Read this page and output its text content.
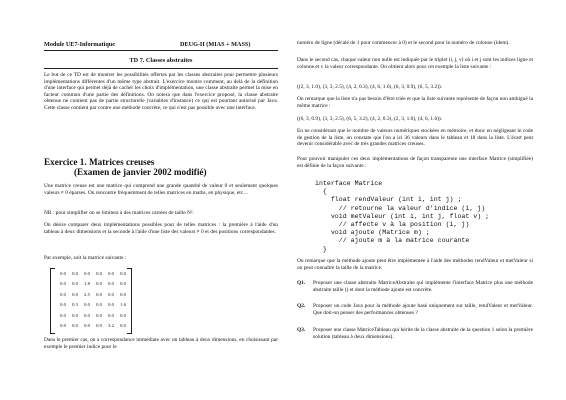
Module UE7-Informatique	DEUG-II (MIAS + MASS)
TD 7. Classes abstraites

Le but de ce TD est de montrer les possibilités offertes par les classes abstraites pour permettre plusieurs implémentations différentes d'un même type abstrait. L'exercice montre comment, au delà de la définition d'une interface qui permet déjà de cacher les choix d'implémentation, une classe abstraite permet la mise en facteur commun d'une partie des définitions. On notera que dans l'exercice proposé, la classe abstraite obtenue ne contient pas de partie structurelle (variables d'instance) ce qui est pourtant autorisé par Java. Cette classe contient par contre une méthode concrète, ce qui n'est pas possible avec une interface.

Exercice 1. Matrices creuses
(Examen de janvier 2002 modifié)

Une matrice creuse est une matrice qui comprend une grande quantité de valeur 0 et seulement quelques valeurs ≠ 0 éparses. On rencontre fréquemment de telles matrices en maths, en physique, etc…

NB : pour simplifier on se limitera à des matrices carrées de taille N².

On désire comparer deux implémentations possibles pour de telles matrices : la première à l'aide d'un tableau à deux dimensions et la seconde à l'aide d'une liste des valeurs ≠ 0 et des positions correspondantes.

Par exemple, soit la matrice suivante :

Dans le premier cas, on a correspondance immédiate avec un tableau à deux dimensions, en choisissant par exemple le premier indice pour le
0.0	0.0	0.0	0.0	0.0	0.0
0.0	0.0	1.8	0.0	0.0	0.0
0.0	0.0	2.5	0.0	0.0	0.0
0.0	0.3	0.0	0.0	0.0	1.6
0.0	0.0	0.0	0.0	0.0	0.0
0.0	0.0	0.0	0.9	3.2	0.0

numéro de ligne (décalé de 1 pour commencer à 0) et le second pour le numéro de colonne (idem).

Dans le second cas, chaque valeur non nulle est indiquée par le triplet (i, j, v) où i et j sont les indices ligne et colonne et v la valeur correspondante. On obtient alors pour cet exemple la liste suivante :

((2, 3, 1.0), (3, 3, 2.5), (4, 2, 0.3), (4, 6, 1.6), (6, 3, 0.9), (6, 5, 3.2)).

On remarque que la liste n'a pas besoin d'être triée et que la liste suivante représente de façon non ambiguë la même matrice :

((6, 3, 0.9), (3, 3, 2.5), (6, 5, 3.2), (4, 2, 0.3), (2, 3, 1.0), (4, 6, 1.6)).

En ne considérant que le nombre de valeurs numériques stockées en mémoire, et donc en négligeant le code de gestion de la liste, on constate que l'on a ici 36 valeurs dans le tableau et 18 dans la liste. L'écart peut devenir considérable avec de très grandes matrices creuses.

Pour pouvoir manipuler ces deux implémentations de façon transparente une interface Matrice (simplifiée) est définie de la façon suivante :

interface Matrice
{
float rendValeur (int i, int j) ;
// retourne la valeur d'indice (i, j)
void metValeur (int i, int j, float v) ;
// affecte v à la position (i, j)
void ajoute (Matrice m) ;
// ajoute m à la matrice courante
}

On remarque que la méthode ajoute peut être implémentée à l'aide des méthodes rendValeur et metValeur si on peut connaître la taille de la matrice.

Q1. Proposer une classe abstraite MatriceAbstraite qui implémente l'interface Matrice plus une méthode abstraite taille () et dont la méthode ajoute est concrète.
Q2. Proposer un code Java pour la méthode ajoute basé uniquement sur taille, rendValeur et metValeur. Que doit-on penser des performances obtenues ?
Q3. Proposer une classe MatriceTableau qui hérite de la classe abstraite de la question 1 selon la première solution (tableau à deux dimensions).
